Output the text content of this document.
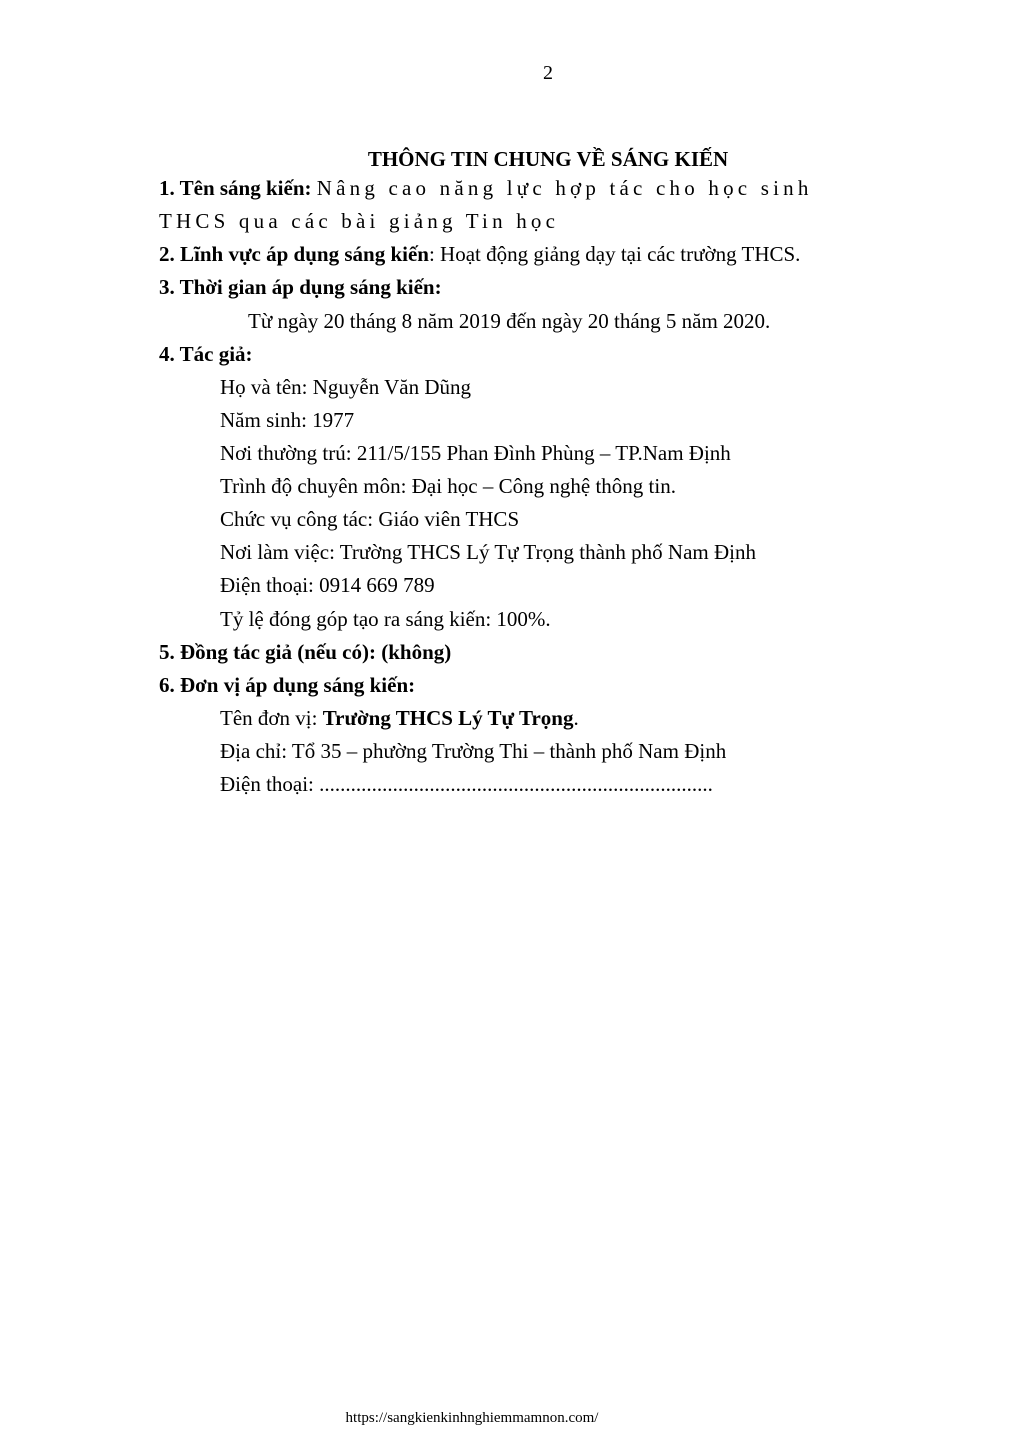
2
THÔNG TIN CHUNG VỀ SÁNG KIẾN
1. Tên sáng kiến: Nâng cao năng lực hợp tác cho học sinh
THCS qua các bài giảng Tin học
2. Lĩnh vực áp dụng sáng kiến: Hoạt động giảng dạy tại các trường THCS.
3. Thời gian áp dụng sáng kiến:
Từ ngày 20 tháng 8 năm 2019 đến ngày 20 tháng 5 năm 2020.
4. Tác giả:
Họ và tên: Nguyễn Văn Dũng
Năm sinh: 1977
Nơi thường trú: 211/5/155 Phan Đình Phùng – TP.Nam Định
Trình độ chuyên môn: Đại học – Công nghệ thông tin.
Chức vụ công tác: Giáo viên THCS
Nơi làm việc: Trường THCS Lý Tự Trọng thành phố Nam Định
Điện thoại: 0914 669 789
Tỷ lệ đóng góp tạo ra sáng kiến: 100%.
5. Đồng tác giả (nếu có): (không)
6. Đơn vị áp dụng sáng kiến:
Tên đơn vị: Trường THCS Lý Tự Trọng.
Địa chỉ: Tổ 35 – phường Trường Thi – thành phố Nam Định
Điện thoại: ...........................................................................
https://sangkienkinhnghiemmamnon.com/
